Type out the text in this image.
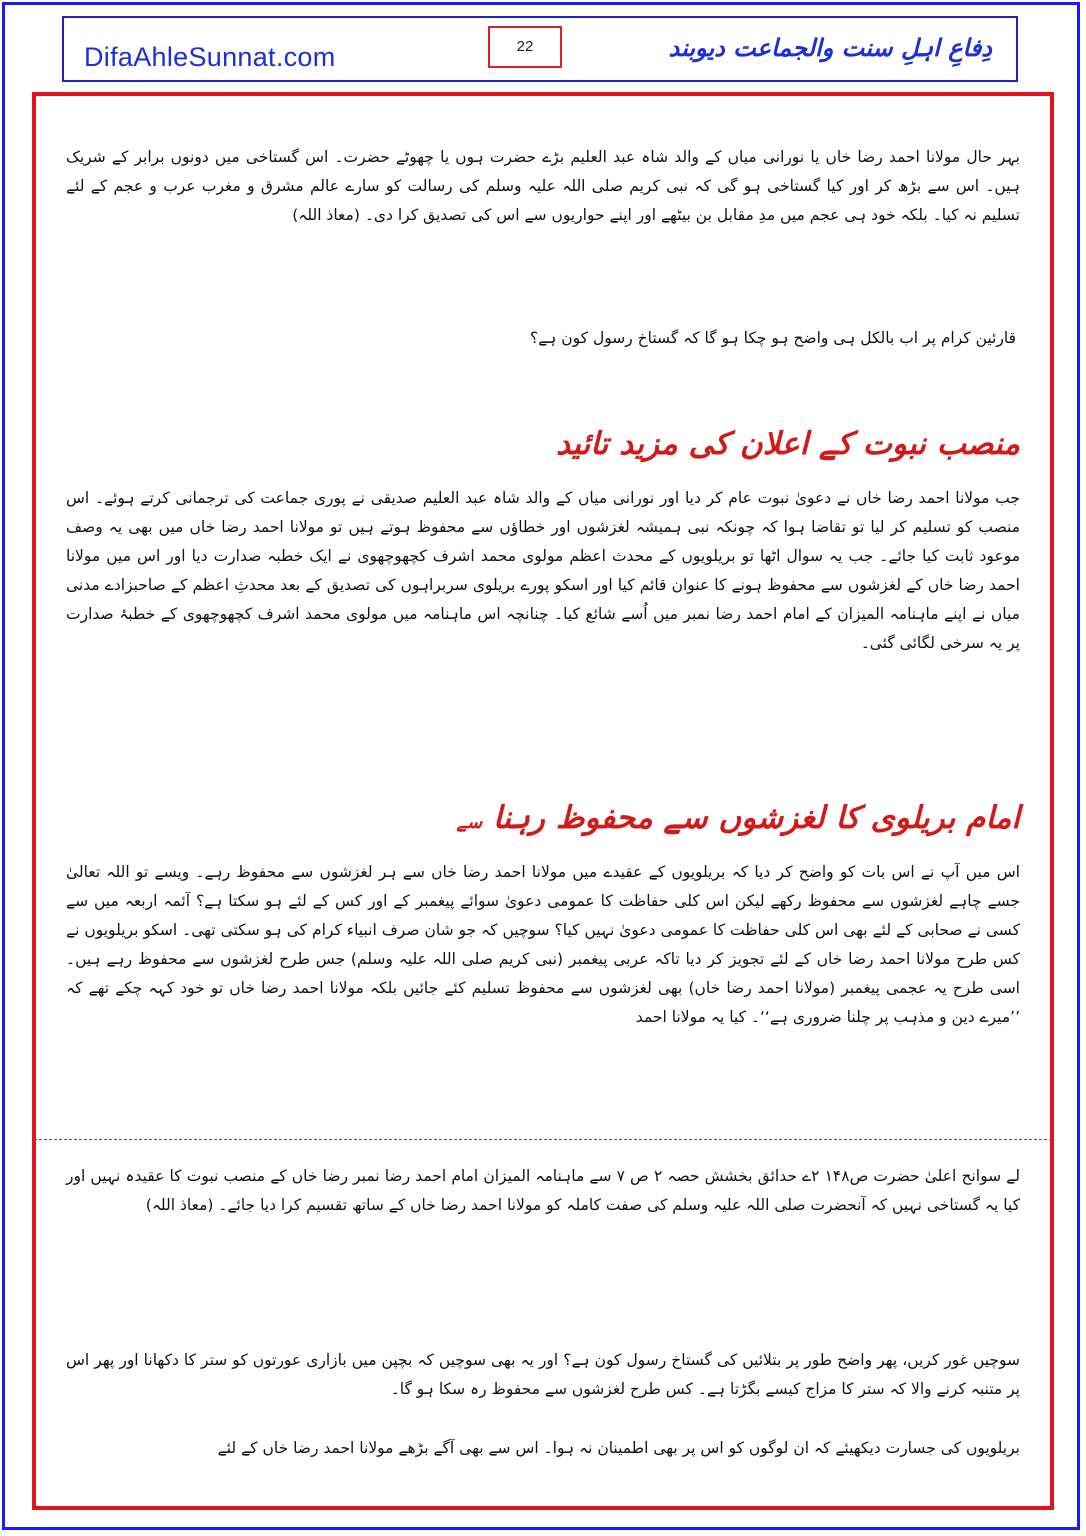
DifaAhleSunnat.com	22	دِفاعِ اہلِ سنت والجماعت دیوبند
بہر حال مولانا احمد رضا خاں یا نورانی میاں کے والد شاہ عبد العلیم بڑے حضرت ہوں یا چھوٹے حضرت۔ اس گستاخی میں دونوں برابر کے شریک ہیں۔ اس سے بڑھ کر اور کیا گستاخی ہو گی کہ نبی کریم صلی اللہ علیہ وسلم کی رسالت کو سارے عالم مشرق و مغرب عرب و عجم کے لئے تسلیم نہ کیا۔ بلکہ خود ہی عجم میں مدِ مقابل بن بیٹھے اور اپنے حواریوں سے اس کی تصدیق کرا دی۔ (معاذ اللہ)
قارئین کرام پر اب بالکل ہی واضح ہو چکا ہو گا کہ گستاخ رسول کون ہے؟
منصب نبوت کے اعلان کی مزید تائید
جب مولانا احمد رضا خاں نے دعویٰ نبوت عام کر دیا اور نورانی میاں کے والد شاہ عبد العلیم صدیقی نے پوری جماعت کی ترجمانی کرتے ہوئے۔ اس منصب کو تسلیم کر لیا تو تقاضا ہوا کہ چونکہ نبی ہمیشہ لغزشوں اور خطاؤں سے محفوظ ہوتے ہیں تو مولانا احمد رضا خاں میں بھی یہ وصف موعود ثابت کیا جائے۔ جب یہ سوال اٹھا تو بریلویوں کے محدث اعظم مولوی محمد اشرف کچھوچھوی نے ایک خطبہ صدارت دیا اور اس میں مولانا احمد رضا خاں کے لغزشوں سے محفوظ ہونے کا عنوان قائم کیا اور اسکو پورے بریلوی سربراہوں کی تصدیق کے بعد محدثِ اعظم کے صاحبزادے مدنی میاں نے اپنے ماہنامہ المیزان کے امام احمد رضا نمبر میں اُسے شائع کیا۔ چنانچہ اس ماہنامہ میں مولوی محمد اشرف کچھوچھوی کے خطبۂ صدارت پر یہ سرخی لگائی گئی۔
امام بریلوی کا لغزشوں سے محفوظ رہنا سے
اس میں آپ نے اس بات کو واضح کر دیا کہ بریلویوں کے عقیدے میں مولانا احمد رضا خاں سے ہر لغزشوں سے محفوظ رہے۔ ویسے تو اللہ تعالیٰ جسے چاہے لغزشوں سے محفوظ رکھے لیکن اس کلی حفاظت کا عمومی دعویٰ سوائے پیغمبر کے اور کس کے لئے ہو سکتا ہے؟ آئمہ اربعہ میں سے کسی نے صحابی کے لئے بھی اس کلی حفاظت کا عمومی دعویٰ نہیں کیا؟ سوچیں کہ جو شان صرف انبیاء کرام کی ہو سکتی تھی۔ اسکو بریلویوں نے کس طرح مولانا احمد رضا خاں کے لئے تجویز کر دیا تاکہ عربی پیغمبر (نبی کریم صلی اللہ علیہ وسلم) جس طرح لغزشوں سے محفوظ رہے ہیں۔ اسی طرح یہ عجمی پیغمبر (مولانا احمد رضا خاں) بھی لغزشوں سے محفوظ تسلیم کئے جائیں بلکہ مولانا احمد رضا خاں تو خود کہہ چکے تھے کہ ’’میرے دین و مذہب پر چلنا ضروری ہے‘‘۔ کیا یہ مولانا احمد
لے سوانح اعلیٰ حضرت ص۱۴۸ ۲ے حدائق بخشش حصہ ۲ ص ۷ سے ماہنامہ المیزان امام احمد رضا نمبر رضا خاں کے منصب نبوت کا عقیدہ نہیں اور کیا یہ گستاخی نہیں کہ آنحضرت صلی اللہ علیہ وسلم کی صفت کاملہ کو مولانا احمد رضا خاں کے ساتھ تقسیم کرا دیا جائے۔ (معاذ اللہ)
سوچیں غور کریں، پھر واضح طور پر بتلائیں کی گستاخ رسول کون ہے؟ اور یہ بھی سوچیں کہ بچپن میں بازاری عورتوں کو ستر کا دکھانا اور پھر اس پر متنبہ کرنے والا کہ ستر کا مزاج کیسے بگڑتا ہے۔ کس طرح لغزشوں سے محفوظ رہ سکا ہو گا۔
بریلویوں کی جسارت دیکھیئے کہ ان لوگوں کو اس پر بھی اطمینان نہ ہوا۔ اس سے بھی آگے بڑھے مولانا احمد رضا خاں کے لئے
